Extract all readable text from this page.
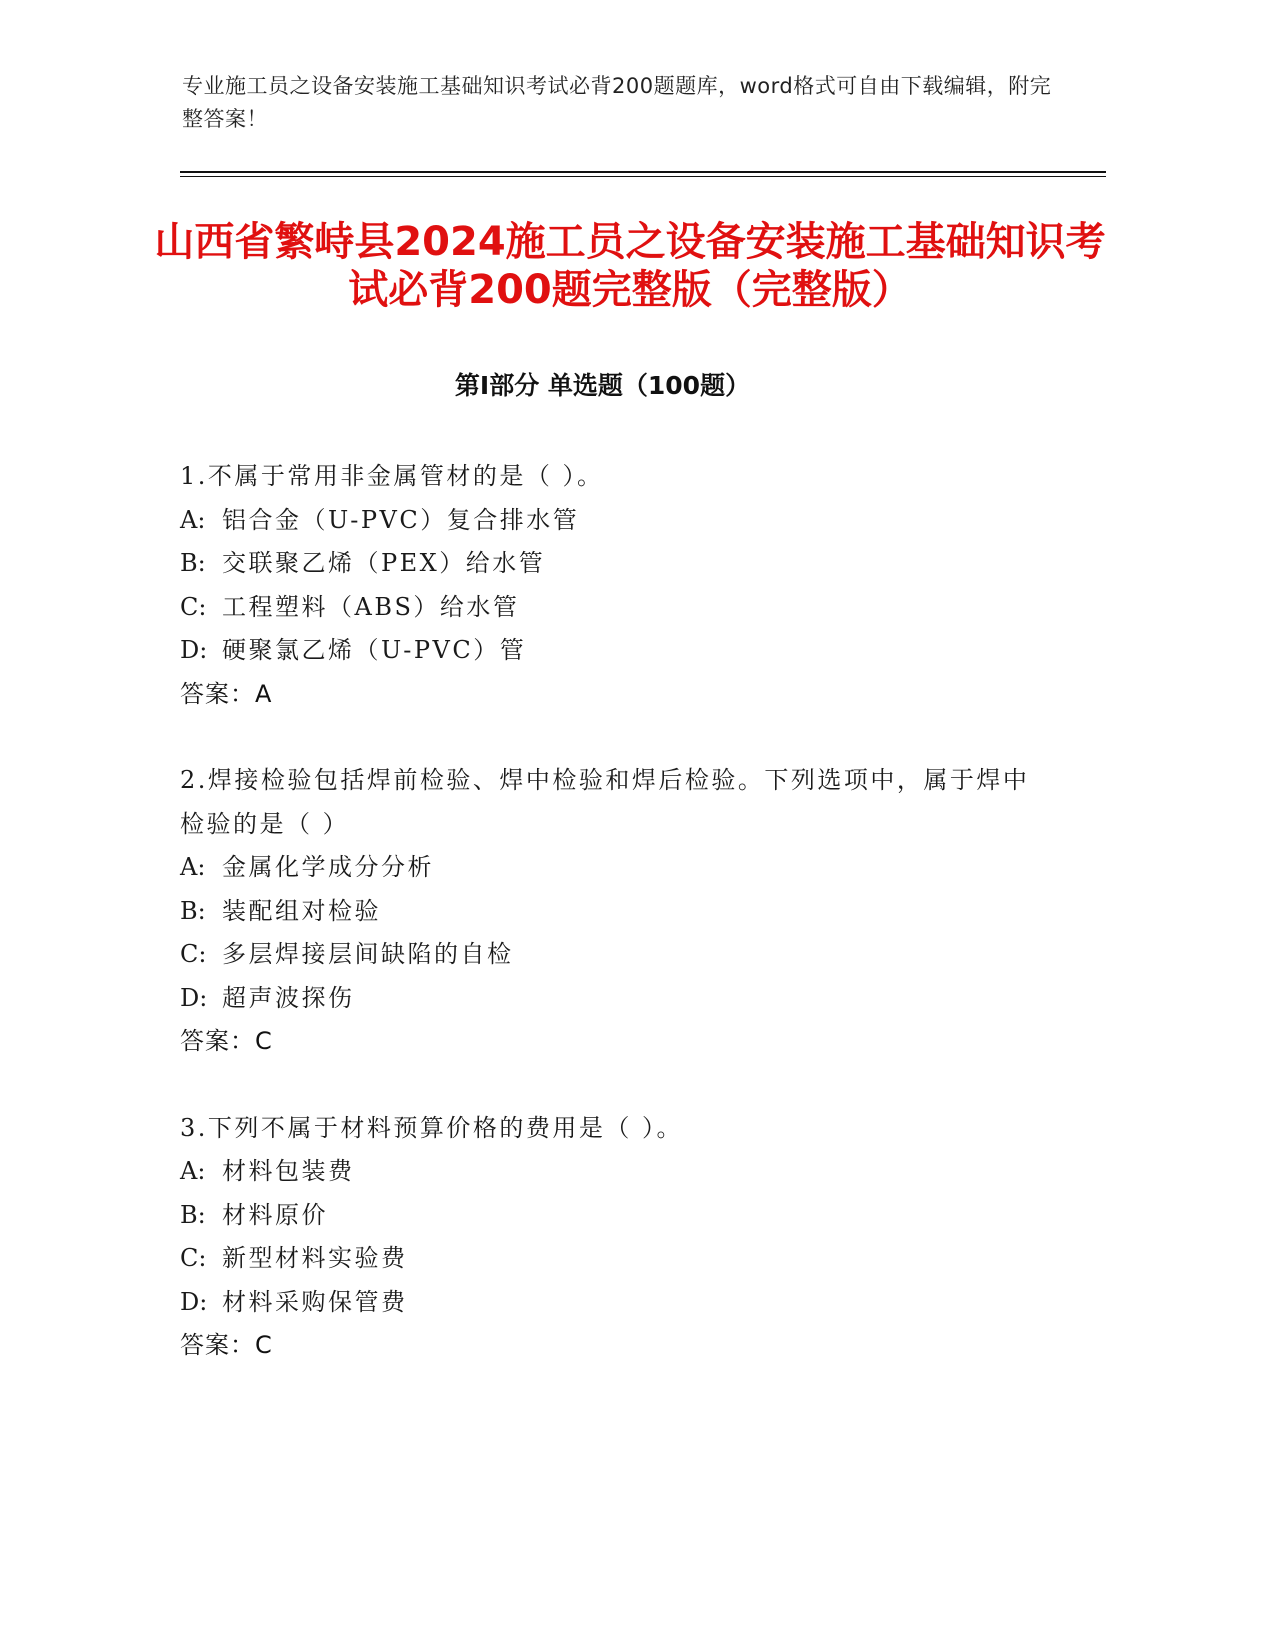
专业施工员之设备安装施工基础知识考试必背200题题库，word格式可自由下载编辑，附完整答案！
山西省繁峙县2024施工员之设备安装施工基础知识考试必背200题完整版（完整版）
第I部分 单选题（100题）
1.不属于常用非金属管材的是（ ）。
A: 铝合金（U-PVC）复合排水管
B: 交联聚乙烯（PEX）给水管
C: 工程塑料（ABS）给水管
D: 硬聚氯乙烯（U-PVC）管
答案：A
2.焊接检验包括焊前检验、焊中检验和焊后检验。下列选项中，属于焊中检验的是（ ）
A: 金属化学成分分析
B: 装配组对检验
C: 多层焊接层间缺陷的自检
D: 超声波探伤
答案：C
3.下列不属于材料预算价格的费用是（ ）。
A: 材料包装费
B: 材料原价
C: 新型材料实验费
D: 材料采购保管费
答案：C
